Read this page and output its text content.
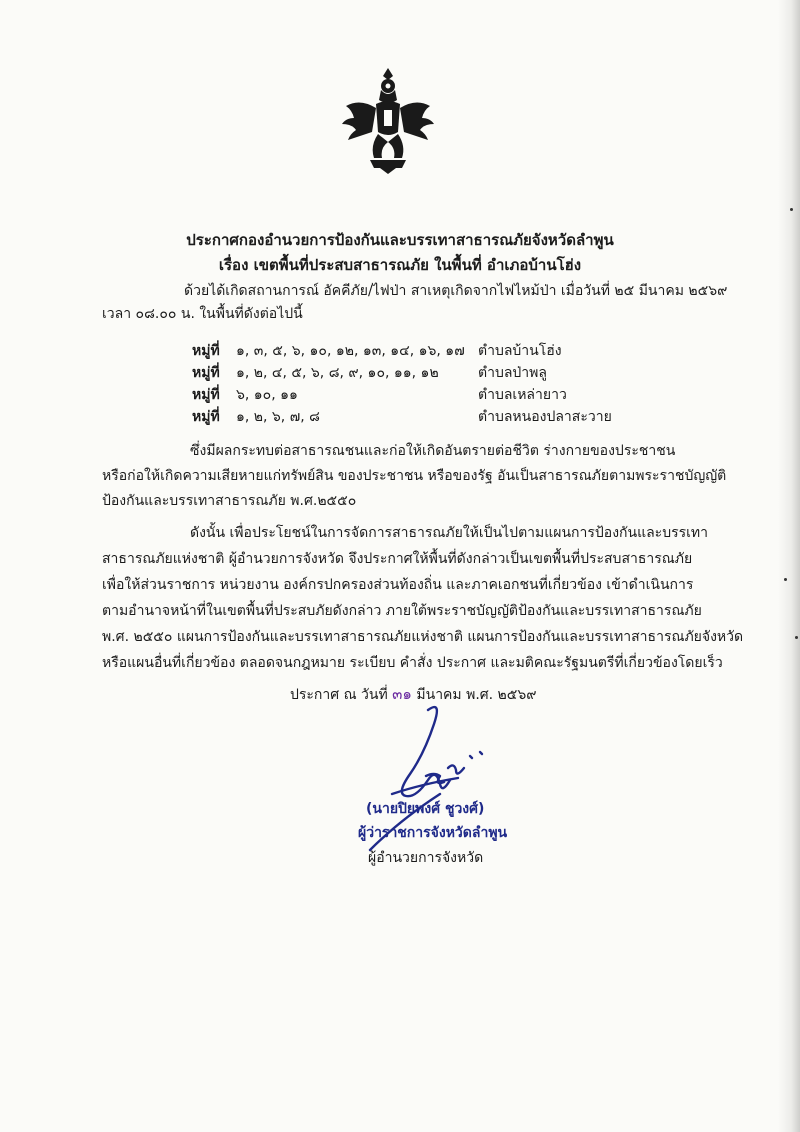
ประกาศกองอำนวยการป้องกันและบรรเทาสาธารณภัยจังหวัดลำพูน
เรื่อง เขตพื้นที่ประสบสาธารณภัย ในพื้นที่ อำเภอบ้านโฮ่ง
ด้วยได้เกิดสถานการณ์ อัคคีภัย/ไฟป่า สาเหตุเกิดจากไฟไหม้ป่า เมื่อวันที่ ๒๕ มีนาคม ๒๕๖๙
เวลา ๐๘.๐๐ น. ในพื้นที่ดังต่อไปนี้
หมู่ที่ ๑, ๓, ๕, ๖, ๑๐, ๑๒, ๑๓, ๑๔, ๑๖, ๑๗ ตำบลบ้านโฮ่ง
หมู่ที่ ๑, ๒, ๔, ๕, ๖, ๘, ๙, ๑๐, ๑๑, ๑๒	ตำบลป่าพลู
หมู่ที่ ๖, ๑๐, ๑๑	ตำบลเหล่ายาว
หมู่ที่ ๑, ๒, ๖, ๗, ๘	ตำบลหนองปลาสะวาย
ซึ่งมีผลกระทบต่อสาธารณชนและก่อให้เกิดอันตรายต่อชีวิต ร่างกายของประชาชน
หรือก่อให้เกิดความเสียหายแก่ทรัพย์สิน ของประชาชน หรือของรัฐ อันเป็นสาธารณภัยตามพระราชบัญญัติ
ป้องกันและบรรเทาสาธารณภัย พ.ศ.๒๕๕๐
ดังนั้น เพื่อประโยชน์ในการจัดการสาธารณภัยให้เป็นไปตามแผนการป้องกันและบรรเทา
สาธารณภัยแห่งชาติ ผู้อำนวยการจังหวัด จึงประกาศให้พื้นที่ดังกล่าวเป็นเขตพื้นที่ประสบสาธารณภัย
เพื่อให้ส่วนราชการ หน่วยงาน องค์กรปกครองส่วนท้องถิ่น และภาคเอกชนที่เกี่ยวข้อง เข้าดำเนินการ
ตามอำนาจหน้าที่ในเขตพื้นที่ประสบภัยดังกล่าว ภายใต้พระราชบัญญัติป้องกันและบรรเทาสาธารณภัย
พ.ศ. ๒๕๕๐ แผนการป้องกันและบรรเทาสาธารณภัยแห่งชาติ แผนการป้องกันและบรรเทาสาธารณภัยจังหวัด
หรือแผนอื่นที่เกี่ยวข้อง ตลอดจนกฎหมาย ระเบียบ คำสั่ง ประกาศ และมติคณะรัฐมนตรีที่เกี่ยวข้องโดยเร็ว
ประกาศ ณ วันที่ ๓๑ มีนาคม พ.ศ. ๒๕๖๙
(นายปิยพงศ์ ชูวงศ์)
ผู้ว่าราชการจังหวัดลำพูน
ผู้อำนวยการจังหวัด
